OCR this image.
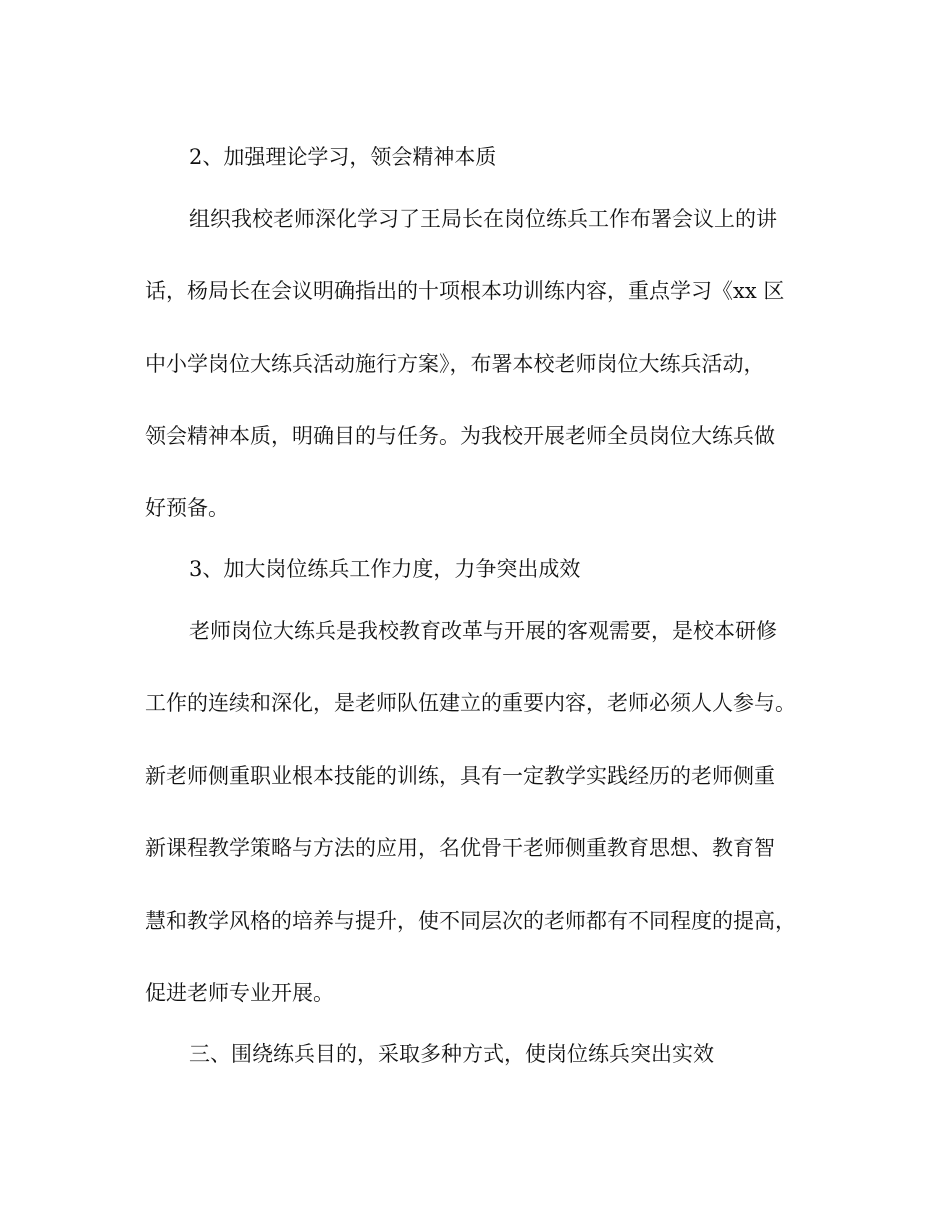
2、加强理论学习，领会精神本质
组织我校老师深化学习了王局长在岗位练兵工作布署会议上的讲
话，杨局长在会议明确指出的十项根本功训练内容，重点学习《xx 区
中小学岗位大练兵活动施行方案》，布署本校老师岗位大练兵活动，
领会精神本质，明确目的与任务。为我校开展老师全员岗位大练兵做
好预备。
3、加大岗位练兵工作力度，力争突出成效
老师岗位大练兵是我校教育改革与开展的客观需要，是校本研修
工作的连续和深化，是老师队伍建立的重要内容，老师必须人人参与。
新老师侧重职业根本技能的训练，具有一定教学实践经历的老师侧重
新课程教学策略与方法的应用，名优骨干老师侧重教育思想、教育智
慧和教学风格的培养与提升，使不同层次的老师都有不同程度的提高，
促进老师专业开展。
三、围绕练兵目的，采取多种方式，使岗位练兵突出实效
